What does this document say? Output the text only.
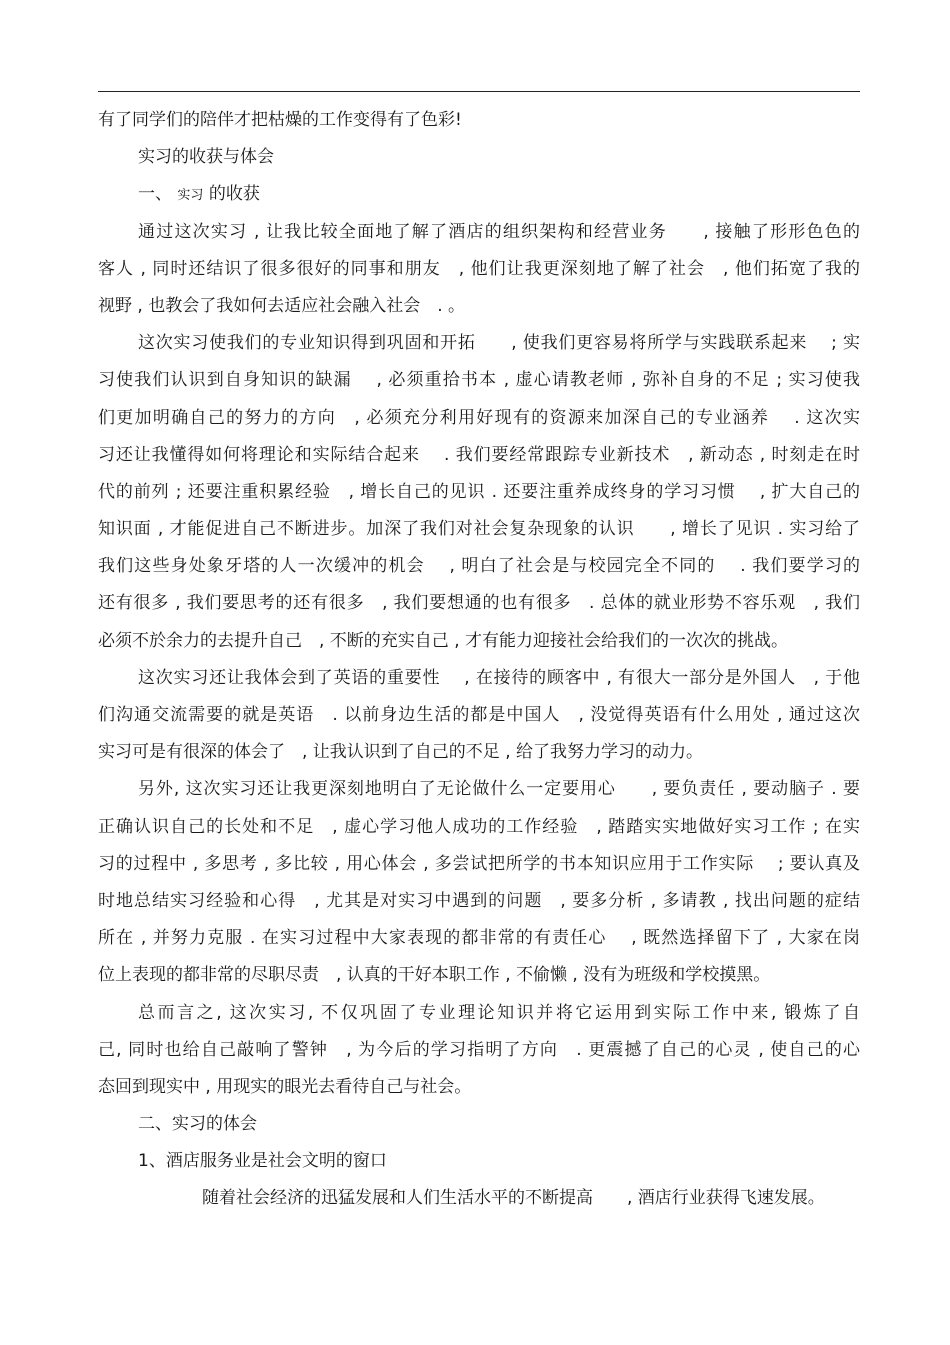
有了同学们的陪伴才把枯燥的工作变得有了色彩!
实习的收获与体会
一、 实习 的收获
通过这次实习 , 让我比较全面地了解了酒店的组织架构和经营业务　　, 接触了形形色色的
客人 , 同时还结识了很多很好的同事和朋友　, 他们让我更深刻地了解了社会　, 他们拓宽了我的
视野 , 也教会了我如何去适应社会融入社会　. 。
这次实习使我们的专业知识得到巩固和开拓　　, 使我们更容易将所学与实践联系起来　 ; 实
习使我们认识到自身知识的缺漏　 , 必须重拾书本 , 虚心请教老师 , 弥补自身的不足 ; 实习使我
们更加明确自己的努力的方向　, 必须充分利用好现有的资源来加深自己的专业涵养　 . 这次实
习还让我懂得如何将理论和实际结合起来　 . 我们要经常跟踪专业新技术　, 新动态 , 时刻走在时
代的前列 ; 还要注重积累经验　, 增长自己的见识 . 还要注重养成终身的学习习惯　 , 扩大自己的
知识面 , 才能促进自己不断进步。加深了我们对社会复杂现象的认识　　, 增长了见识 . 实习给了
我们这些身处象牙塔的人一次缓冲的机会　 , 明白了社会是与校园完全不同的　 . 我们要学习的
还有很多 , 我们要思考的还有很多　, 我们要想通的也有很多　. 总体的就业形势不容乐观　, 我们
必须不於余力的去提升自己　, 不断的充实自己 , 才有能力迎接社会给我们的一次次的挑战。
这次实习还让我体会到了英语的重要性　 , 在接待的顾客中 , 有很大一部分是外国人　, 于他
们沟通交流需要的就是英语　. 以前身边生活的都是中国人　, 没觉得英语有什么用处 , 通过这次
实习可是有很深的体会了　, 让我认识到了自己的不足 , 给了我努力学习的动力。
另外, 这次实习还让我更深刻地明白了无论做什么一定要用心　　, 要负责任 , 要动脑子 . 要
正确认识自己的长处和不足　, 虚心学习他人成功的工作经验　, 踏踏实实地做好实习工作 ; 在实
习的过程中 , 多思考 , 多比较 , 用心体会 , 多尝试把所学的书本知识应用于工作实际　 ; 要认真及
时地总结实习经验和心得　, 尤其是对实习中遇到的问题　, 要多分析 , 多请教 , 找出问题的症结
所在 , 并努力克服 . 在实习过程中大家表现的都非常的有责任心　 , 既然选择留下了 , 大家在岗
位上表现的都非常的尽职尽责　, 认真的干好本职工作 , 不偷懒 , 没有为班级和学校摸黑。
总而言之, 这次实习, 不仅巩固了专业理论知识并将它运用到实际工作中来, 锻炼了自
己, 同时也给自己敲响了警钟　, 为今后的学习指明了方向　. 更震撼了自己的心灵 , 使自己的心
态回到现实中 , 用现实的眼光去看待自己与社会。
二、实习的体会
1、酒店服务业是社会文明的窗口
随着社会经济的迅猛发展和人们生活水平的不断提高　　, 酒店行业获得飞速发展。
